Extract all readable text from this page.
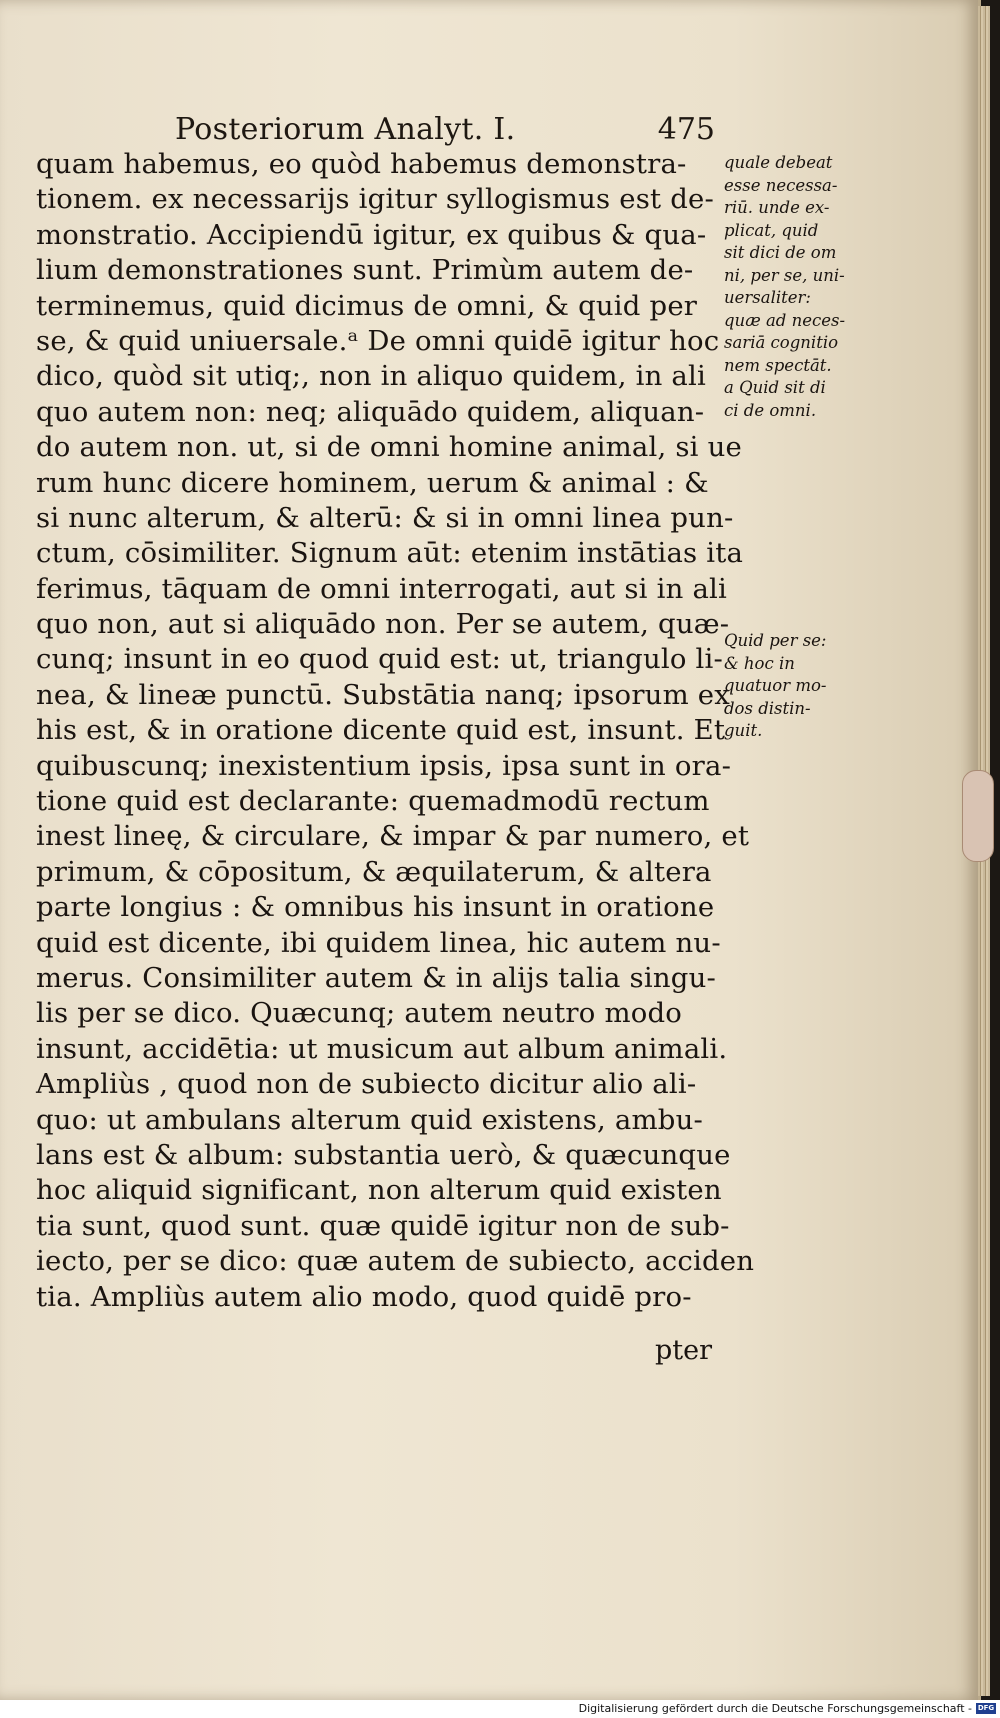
Posteriorum Analyt. I.	475
quam habemus, eo quòd habemus demonstra-
tionem. ex necessarijs igitur syllogismus est de-
monstratio. Accipiendū igitur, ex quibus & qua-
lium demonstrationes sunt. Primùm autem de-
terminemus, quid dicimus de omni, & quid per
se, & quid uniuersale.ᵃ De omni quidē igitur hoc
dico, quòd sit utiq;, non in aliquo quidem, in ali
quo autem non: neq; aliquādo quidem, aliquan-
do autem non. ut, si de omni homine animal, si ue
rum hunc dicere hominem, uerum & animal : &
si nunc alterum, & alterū: & si in omni linea pun-
ctum, cōsimiliter. Signum aūt: etenim instātias ita
ferimus, tāquam de omni interrogati, aut si in ali
quo non, aut si aliquādo non. Per se autem, quæ-
cunq; insunt in eo quod quid est: ut, triangulo li-
nea, & lineæ punctū. Substātia nanq; ipsorum ex
his est, & in oratione dicente quid est, insunt. Et
quibuscunq; inexistentium ipsis, ipsa sunt in ora-
tione quid est declarante: quemadmodū rectum
inest lineę, & circulare, & impar & par numero, et
primum, & cōpositum, & æquilaterum, & altera
parte longius : & omnibus his insunt in oratione
quid est dicente, ibi quidem linea, hic autem nu-
merus. Consimiliter autem & in alijs talia singu-
lis per se dico. Quæcunq; autem neutro modo
insunt, accidētia: ut musicum aut album animali.
Ampliùs , quod non de subiecto dicitur alio ali-
quo: ut ambulans alterum quid existens, ambu-
lans est & album: substantia uerò, & quæcunque
hoc aliquid significant, non alterum quid existen
tia sunt, quod sunt. quæ quidē igitur non de sub-
iecto, per se dico: quæ autem de subiecto, acciden
tia. Ampliùs autem alio modo, quod quidē pro-
pter
quale debeat
esse necessa-
riū. unde ex-
plicat, quid
sit dici de om
ni, per se, uni-
uersaliter:
quæ ad neces-
sariā cognitio
nem spectāt.
a Quid sit di
ci de omni.
Quid per se:
& hoc in
quatuor mo-
dos distin-
guit.
Digitalisierung gefördert durch die Deutsche Forschungsgemeinschaft - DFG
